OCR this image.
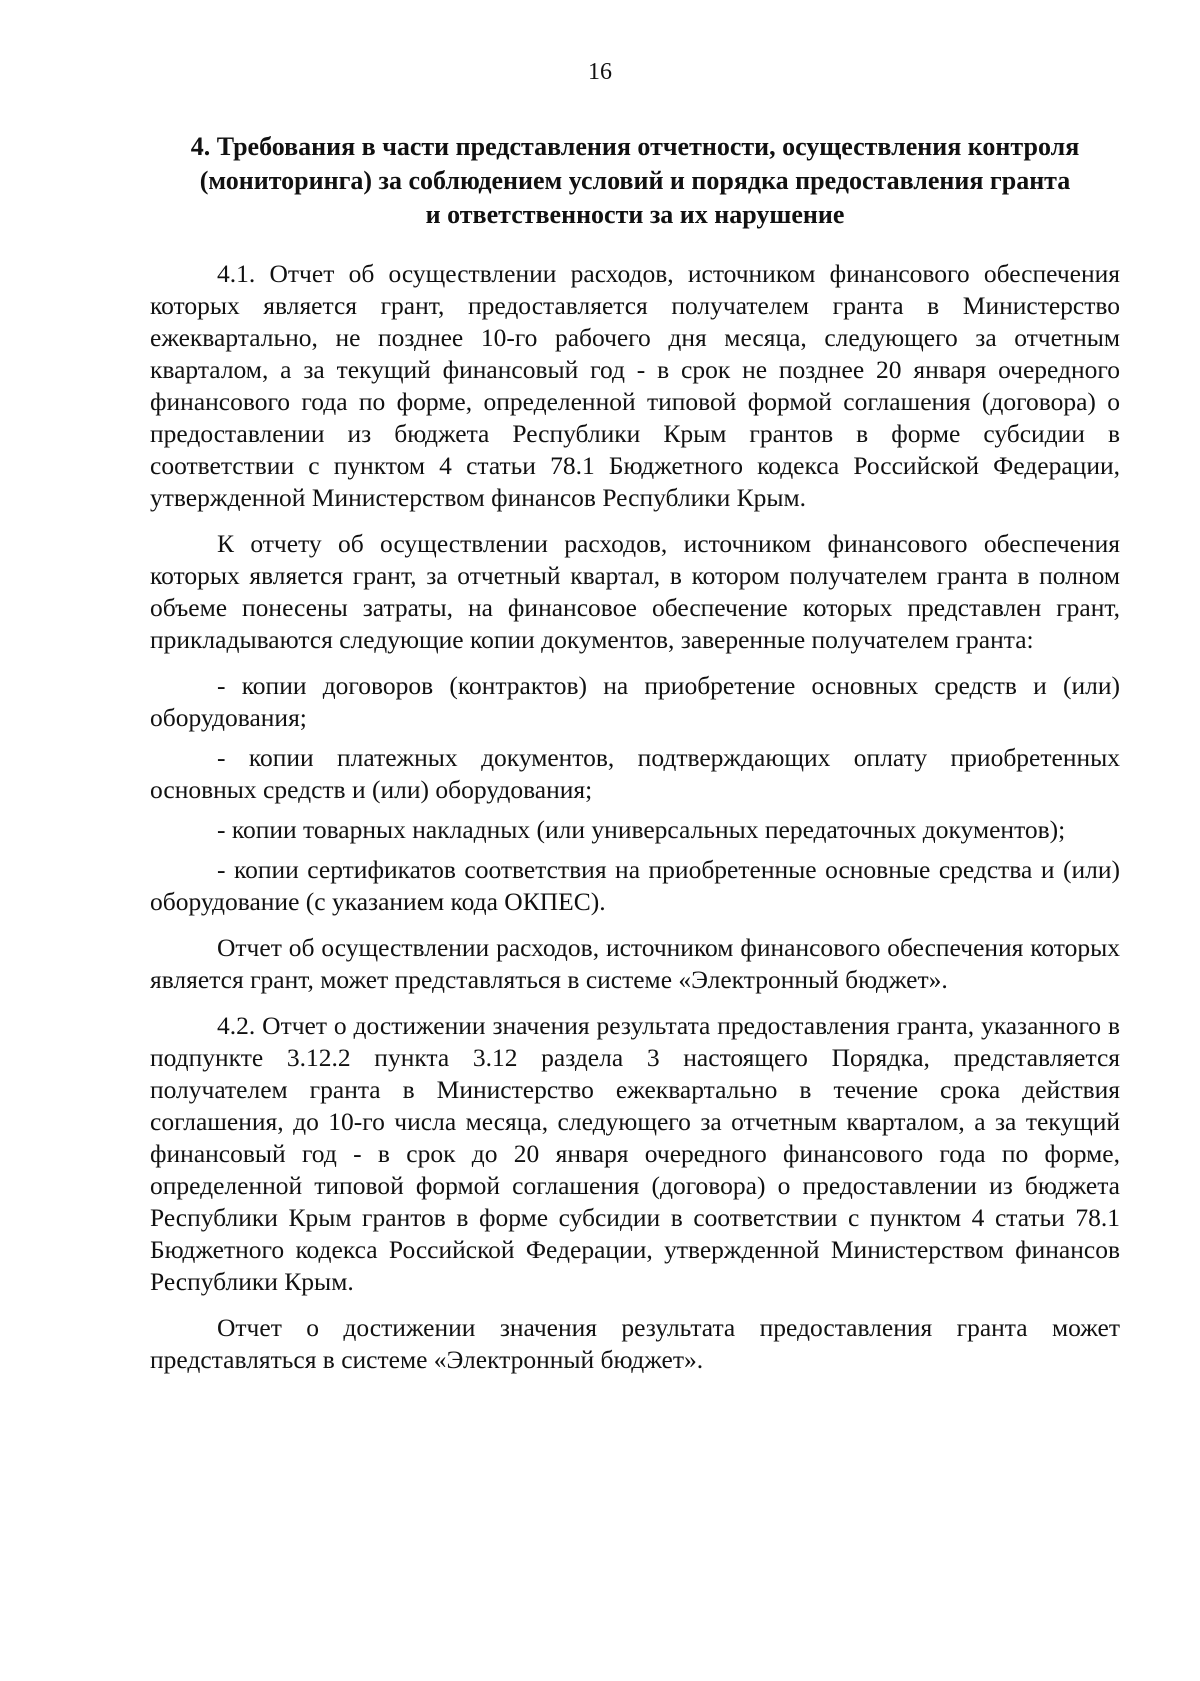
16
4. Требования в части представления отчетности, осуществления контроля
(мониторинга) за соблюдением условий и порядка предоставления гранта
и ответственности за их нарушение

4.1. Отчет об осуществлении расходов, источником финансового обеспечения которых является грант, предоставляется получателем гранта в Министерство ежеквартально, не позднее 10-го рабочего дня месяца, следующего за отчетным кварталом, а за текущий финансовый год - в срок не позднее 20 января очередного финансового года по форме, определенной типовой формой соглашения (договора) о предоставлении из бюджета Республики Крым грантов в форме субсидии в соответствии с пунктом 4 статьи 78.1 Бюджетного кодекса Российской Федерации, утвержденной Министерством финансов Республики Крым.

К отчету об осуществлении расходов, источником финансового обеспечения которых является грант, за отчетный квартал, в котором получателем гранта в полном объеме понесены затраты, на финансовое обеспечение которых представлен грант, прикладываются следующие копии документов, заверенные получателем гранта:

- копии договоров (контрактов) на приобретение основных средств и (или) оборудования;

- копии платежных документов, подтверждающих оплату приобретенных основных средств и (или) оборудования;

- копии товарных накладных (или универсальных передаточных документов);

- копии сертификатов соответствия на приобретенные основные средства и (или) оборудование (с указанием кода ОКПЕС).

Отчет об осуществлении расходов, источником финансового обеспечения которых является грант, может представляться в системе «Электронный бюджет».

4.2. Отчет о достижении значения результата предоставления гранта, указанного в подпункте 3.12.2 пункта 3.12 раздела 3 настоящего Порядка, представляется получателем гранта в Министерство ежеквартально в течение срока действия соглашения, до 10-го числа месяца, следующего за отчетным кварталом, а за текущий финансовый год - в срок до 20 января очередного финансового года по форме, определенной типовой формой соглашения (договора) о предоставлении из бюджета Республики Крым грантов в форме субсидии в соответствии с пунктом 4 статьи 78.1 Бюджетного кодекса Российской Федерации, утвержденной Министерством финансов Республики Крым.

Отчет о достижении значения результата предоставления гранта может представляться в системе «Электронный бюджет».
